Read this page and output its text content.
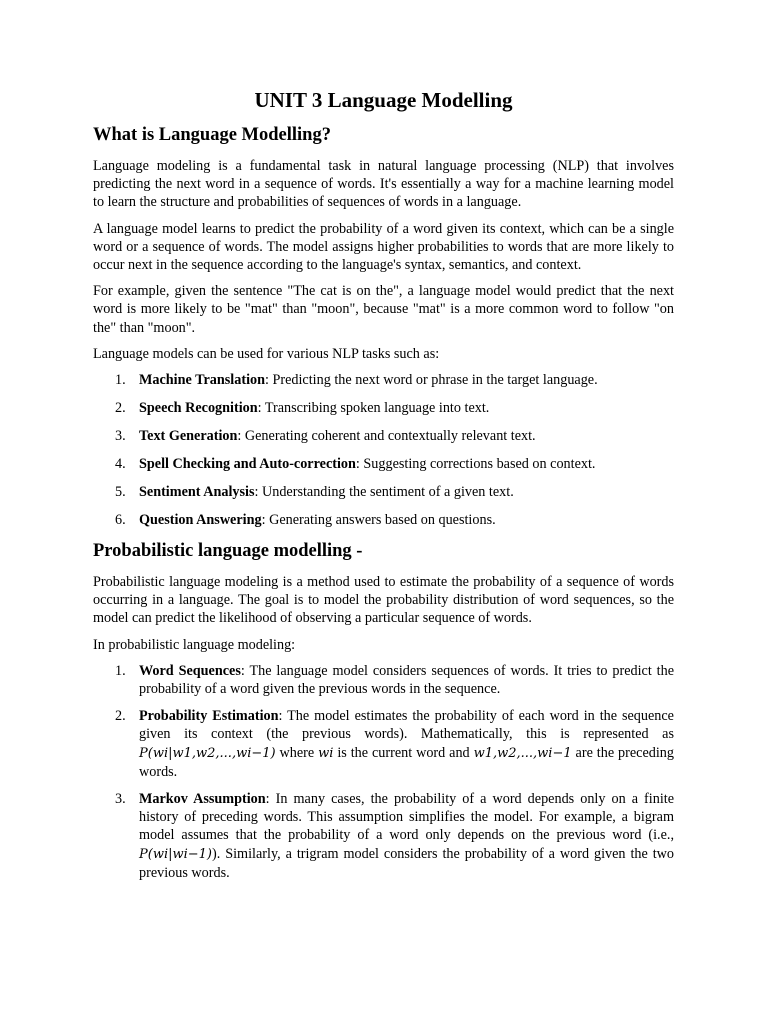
UNIT 3 Language Modelling
What is Language Modelling?

Language modeling is a fundamental task in natural language processing (NLP) that involves predicting the next word in a sequence of words. It's essentially a way for a machine learning model to learn the structure and probabilities of sequences of words in a language.

A language model learns to predict the probability of a word given its context, which can be a single word or a sequence of words. The model assigns higher probabilities to words that are more likely to occur next in the sequence according to the language's syntax, semantics, and context.

For example, given the sentence "The cat is on the", a language model would predict that the next word is more likely to be "mat" than "moon", because "mat" is a more common word to follow "on the" than "moon".

Language models can be used for various NLP tasks such as:

1. Machine Translation: Predicting the next word or phrase in the target language.
2. Speech Recognition: Transcribing spoken language into text.
3. Text Generation: Generating coherent and contextually relevant text.
4. Spell Checking and Auto-correction: Suggesting corrections based on context.
5. Sentiment Analysis: Understanding the sentiment of a given text.
6. Question Answering: Generating answers based on questions.
Probabilistic language modelling -

Probabilistic language modeling is a method used to estimate the probability of a sequence of words occurring in a language. The goal is to model the probability distribution of word sequences, so the model can predict the likelihood of observing a particular sequence of words.

In probabilistic language modeling:

1. Word Sequences: The language model considers sequences of words. It tries to predict the probability of a word given the previous words in the sequence.
2. Probability Estimation: The model estimates the probability of each word in the sequence given its context (the previous words). Mathematically, this is represented as P(wi|w1,w2,...,wi−1) where wi is the current word and w1,w2,...,wi−1 are the preceding words.
3. Markov Assumption: In many cases, the probability of a word depends only on a finite history of preceding words. This assumption simplifies the model. For example, a bigram model assumes that the probability of a word only depends on the previous word (i.e., P(wi|wi−1)). Similarly, a trigram model considers the probability of a word given the two previous words.
